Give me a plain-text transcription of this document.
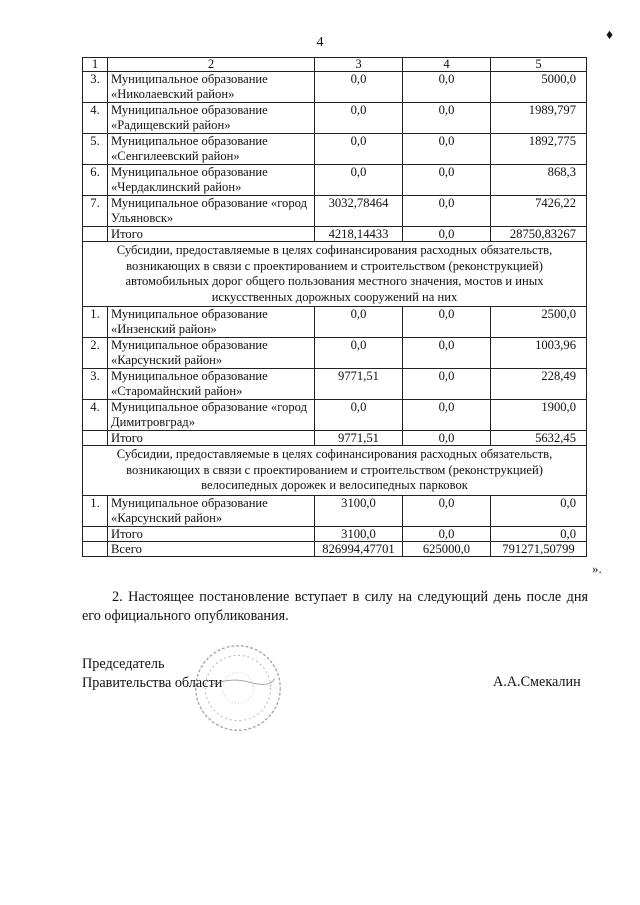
4	♦
1	2	3	4	5
3.	Муниципальное образование «Николаевский район»	0,0	0,0	5000,0
4.	Муниципальное образование «Радищевский район»	0,0	0,0	1989,797
5.	Муниципальное образование «Сенгилеевский район»	0,0	0,0	1892,775
6.	Муниципальное образование «Чердаклинский район»	0,0	0,0	868,3
7.	Муниципальное образование «город Ульяновск»	3032,78464	0,0	7426,22
	Итого	4218,14433	0,0	28750,83267
Субсидии, предоставляемые в целях софинансирования расходных обязательств, возникающих в связи с проектированием и строительством (реконструкцией) автомобильных дорог общего пользования местного значения, мостов и иных искусственных дорожных сооружений на них				
1.	Муниципальное образование «Инзенский район»	0,0	0,0	2500,0
2.	Муниципальное образование «Карсунский район»	0,0	0,0	1003,96
3.	Муниципальное образование «Старомайнский район»	9771,51	0,0	228,49
4.	Муниципальное образование «город Димитровград»	0,0	0,0	1900,0
	Итого	9771,51	0,0	5632,45
Субсидии, предоставляемые в целях софинансирования расходных обязательств, возникающих в связи с проектированием и строительством (реконструкцией) велосипедных дорожек и велосипедных парковок				
1.	Муниципальное образование «Карсунский район»	3100,0	0,0	0,0
	Итого	3100,0	0,0	0,0
	Всего	826994,47701	625000,0	791271,50799
».

2. Настоящее постановление вступает в силу на следующий день после дня его официального опубликования.

Председатель
Правительства области	А.А.Смекалин
